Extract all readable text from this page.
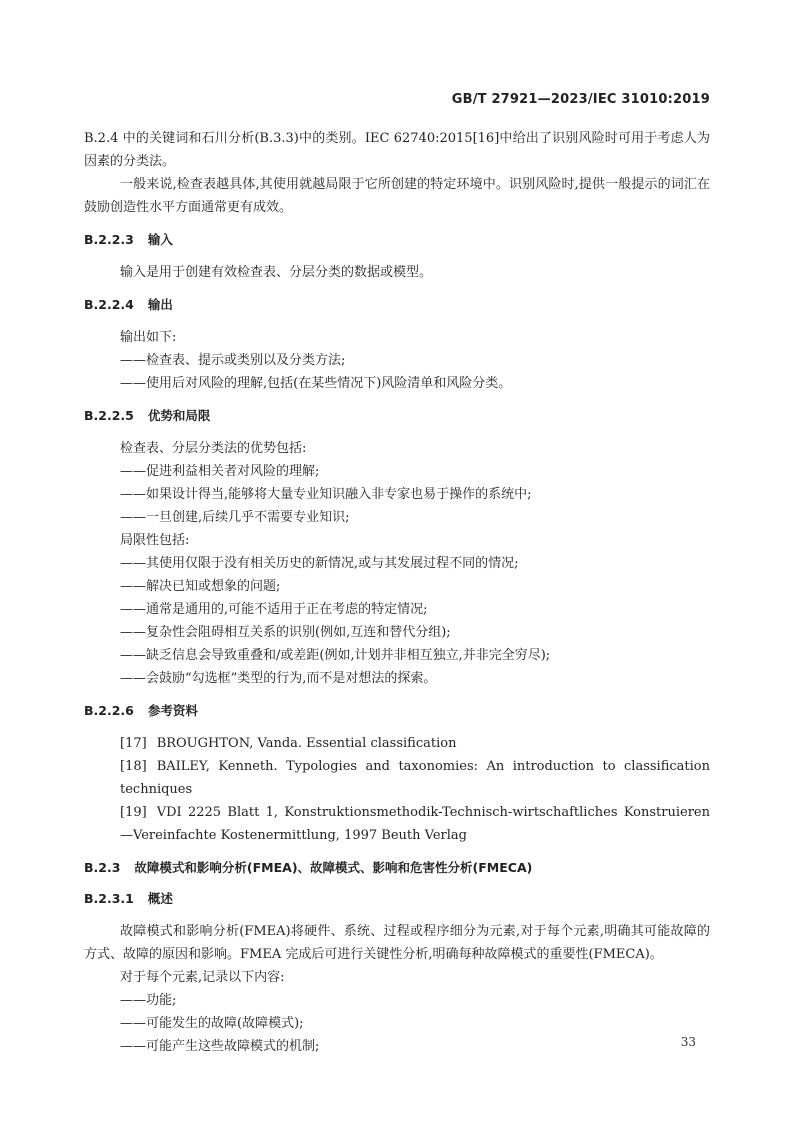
GB/T 27921—2023/IEC 31010:2019

B.2.4 中的关键词和石川分析(B.3.3)中的类别。IEC 62740:2015[16]中给出了识别风险时可用于考虑人为因素的分类法。

一般来说,检查表越具体,其使用就越局限于它所创建的特定环境中。识别风险时,提供一般提示的词汇在鼓励创造性水平方面通常更有成效。

B.2.2.3 输入

输入是用于创建有效检查表、分层分类的数据或模型。

B.2.2.4 输出

输出如下:

——检查表、提示或类别以及分类方法;

——使用后对风险的理解,包括(在某些情况下)风险清单和风险分类。

B.2.2.5 优势和局限

检查表、分层分类法的优势包括:

——促进利益相关者对风险的理解;

——如果设计得当,能够将大量专业知识融入非专家也易于操作的系统中;

——一旦创建,后续几乎不需要专业知识;

局限性包括:

——其使用仅限于没有相关历史的新情况,或与其发展过程不同的情况;

——解决已知或想象的问题;

——通常是通用的,可能不适用于正在考虑的特定情况;

——复杂性会阻碍相互关系的识别(例如,互连和替代分组);

——缺乏信息会导致重叠和/或差距(例如,计划并非相互独立,并非完全穷尽);

——会鼓励“勾选框”类型的行为,而不是对想法的探索。

B.2.2.6 参考资料

[17] BROUGHTON, Vanda. Essential classification

[18] BAILEY, Kenneth. Typologies and taxonomies: An introduction to classification techniques

[19] VDI 2225 Blatt 1, Konstruktionsmethodik-Technisch-wirtschaftliches Konstruieren—Vereinfachte Kostenermittlung, 1997 Beuth Verlag

B.2.3 故障模式和影响分析(FMEA)、故障模式、影响和危害性分析(FMECA)
B.2.3.1 概述

故障模式和影响分析(FMEA)将硬件、系统、过程或程序细分为元素,对于每个元素,明确其可能故障的方式、故障的原因和影响。FMEA 完成后可进行关键性分析,明确每种故障模式的重要性(FMECA)。

对于每个元素,记录以下内容:

——功能;

——可能发生的故障(故障模式);

——可能产生这些故障模式的机制;	33
